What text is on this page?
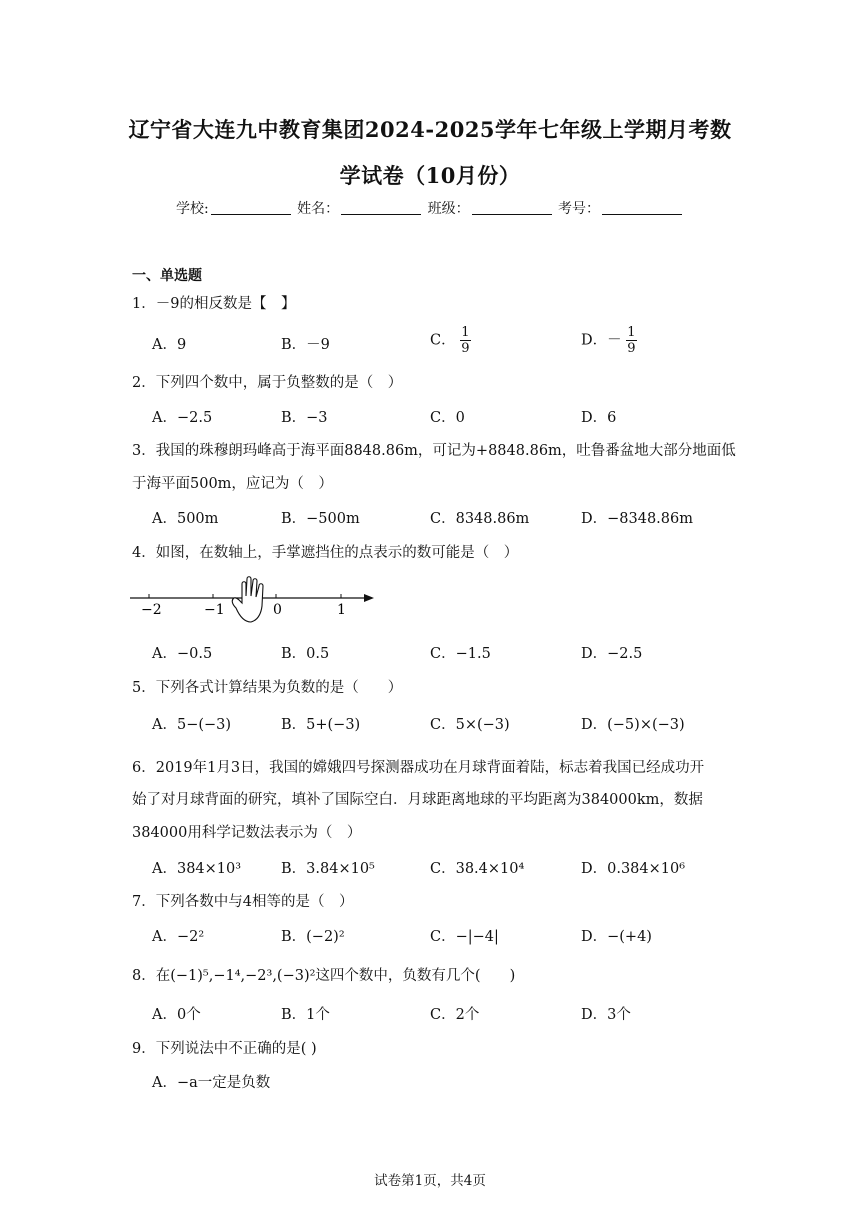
辽宁省大连九中教育集团2024-2025学年七年级上学期月考数
学试卷（10月份）
学校:	姓名：	班级：	考号：
一、单选题
1．－9的相反数是【　】
A．9	B．－9	C． $\frac{1}{9}$	D．－ $\frac{1}{9}$
2．下列四个数中，属于负整数的是（　）
A．−2.5	B．−3	C．0	D．6
3．我国的珠穆朗玛峰高于海平面8848.86m，可记为+8848.86m，吐鲁番盆地大部分地面低
于海平面500m，应记为（　）
A．500m	B．−500m	C．8348.86m	D．−8348.86m
4．如图，在数轴上，手掌遮挡住的点表示的数可能是（　）
−2	−1	0	1
A．−0.5	B．0.5	C．−1.5	D．−2.5
5．下列各式计算结果为负数的是（　　）
A．5−(−3)	B．5+(−3)	C．5×(−3)	D．(−5)×(−3)
6．2019年1月3日，我国的嫦娥四号探测器成功在月球背面着陆，标志着我国已经成功开
始了对月球背面的研究，填补了国际空白．月球距离地球的平均距离为384000km，数据
384000用科学记数法表示为（　）
A．384×10³	B．3.84×10⁵	C．38.4×10⁴	D．0.384×10⁶
7．下列各数中与4相等的是（　）
A．−2²	B．(−2)²	C．−|−4|	D．−(+4)
8．在(−1)⁵,−1⁴,−2³,(−3)²这四个数中，负数有几个(　　)
A．0个	B．1个	C．2个	D．3个
9．下列说法中不正确的是( )
A．−a一定是负数
试卷第1页，共4页
